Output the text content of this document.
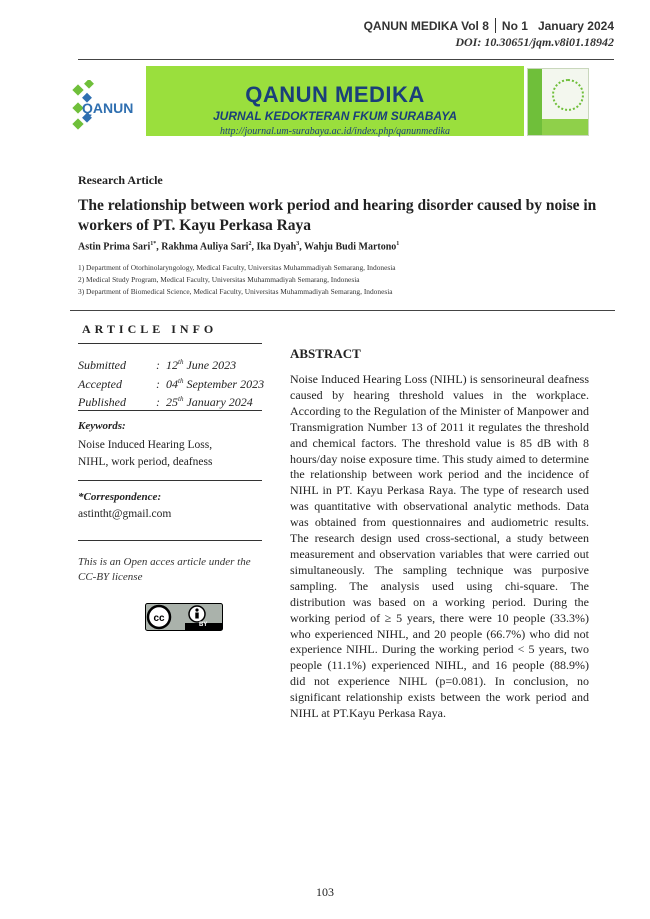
QANUN MEDIKA Vol 8 No 1 January 2024
DOI: 10.30651/jqm.v8i01.18942
QANUN
QANUN MEDIKA
JURNAL KEDOKTERAN FKUM SURABAYA
http://journal.um-surabaya.ac.id/index.php/qanunmedika
Research Article
The relationship between work period and hearing disorder caused by noise in workers of PT. Kayu Perkasa Raya
Astin Prima Sari$^{1*}$, Rakhma Auliya Sari$^2$, Ika Dyah$^3$, Wahju Budi Martono$^1$
1) Department of Otorhinolaryngology, Medical Faculty, Universitas Muhammadiyah Semarang, Indonesia
2) Medical Study Program, Medical Faculty, Universitas Muhammadiyah Semarang, Indonesia
3) Department of Biomedical Science, Medical Faculty, Universitas Muhammadiyah Semarang, Indonesia
ARTICLE INFO
Submitted	: 12th June 2023
Accepted	: 04th September 2023
Published	: 25th January 2024
Keywords:
Noise Induced Hearing Loss,
NIHL, work period, deafness
*Correspondence:
astintht@gmail.com
This is an Open acces article under the CC-BY license
cc
BY
ABSTRACT
Noise Induced Hearing Loss (NIHL) is sensorineural deafness caused by hearing threshold values in the workplace. According to the Regulation of the Minister of Manpower and Transmigration Number 13 of 2011 it regulates the threshold and chemical factors. The threshold value is 85 dB with 8 hours/day noise exposure time. This study aimed to determine the relationship between work period and the incidence of NIHL in PT. Kayu Perkasa Raya. The type of research used was quantitative with observational analytic methods. Data was obtained from questionnaires and audiometric results. The research design used cross-sectional, a study between measurement and observation variables that were carried out simultaneously. The sampling technique was purposive sampling. The analysis used using chi-square. The distribution was based on a working period. During the working period of ≥ 5 years, there were 10 people (33.3%) who experienced NIHL, and 20 people (66.7%) who did not experience NIHL. During the working period < 5 years, two people (11.1%) experienced NIHL, and 16 people (88.9%) did not experience NIHL (p=0.081). In conclusion, no significant relationship exists between the work period and NIHL at PT.Kayu Perkasa Raya.
103
